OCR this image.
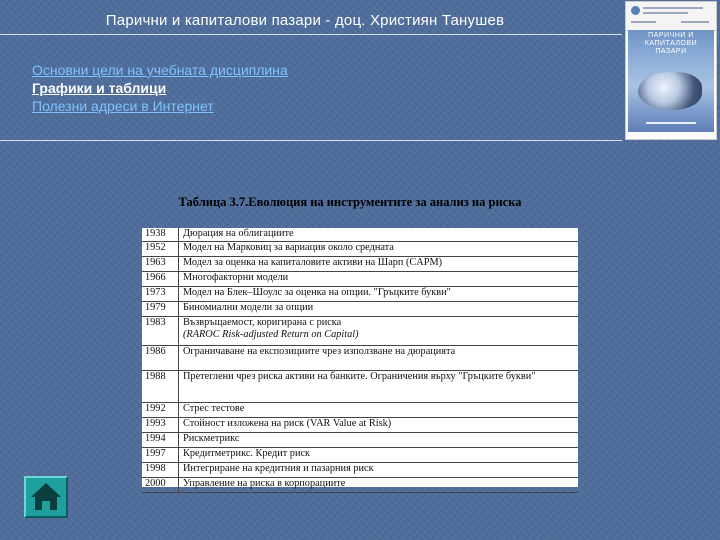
Парични и капиталови пазари - доц. Християн Танушев
Основни цели на учебната дисциплина
Графики и таблици
Полезни адреси в Интернет
ПАРИЧНИ И КАПИТАЛОВИ ПАЗАРИ
Таблица 3.7.Еволюция на инструментите за анализ на риска
1938	Дюрация на облигациите
1952	Модел на Марковиц за вариация около средната
1963	Модел за оценка на капиталовите активи на Шарп (CAPM)
1966	Многофакторни модели
1973	Модел на Блек–Шоулс за оценка на опции. "Гръцките букви"
1979	Биномиални модели за опции
1983	Възвръщаемост, коригирана с риска
(RAROC Risk-adjusted Return on Capital)
1986	Ограничаване на експозициите чрез използване на дюрацията
1988	Претеглени чрез риска активи на банките. Ограничения върху "Гръцките букви"
1992	Стрес тестове
1993	Стойност изложена на риск (VAR Value at Risk)
1994	Рискметрикс
1997	Кредитметрикс. Кредит риск
1998	Интегриране на кредитния и пазарния риск
2000	Управление на риска в корпорациите
